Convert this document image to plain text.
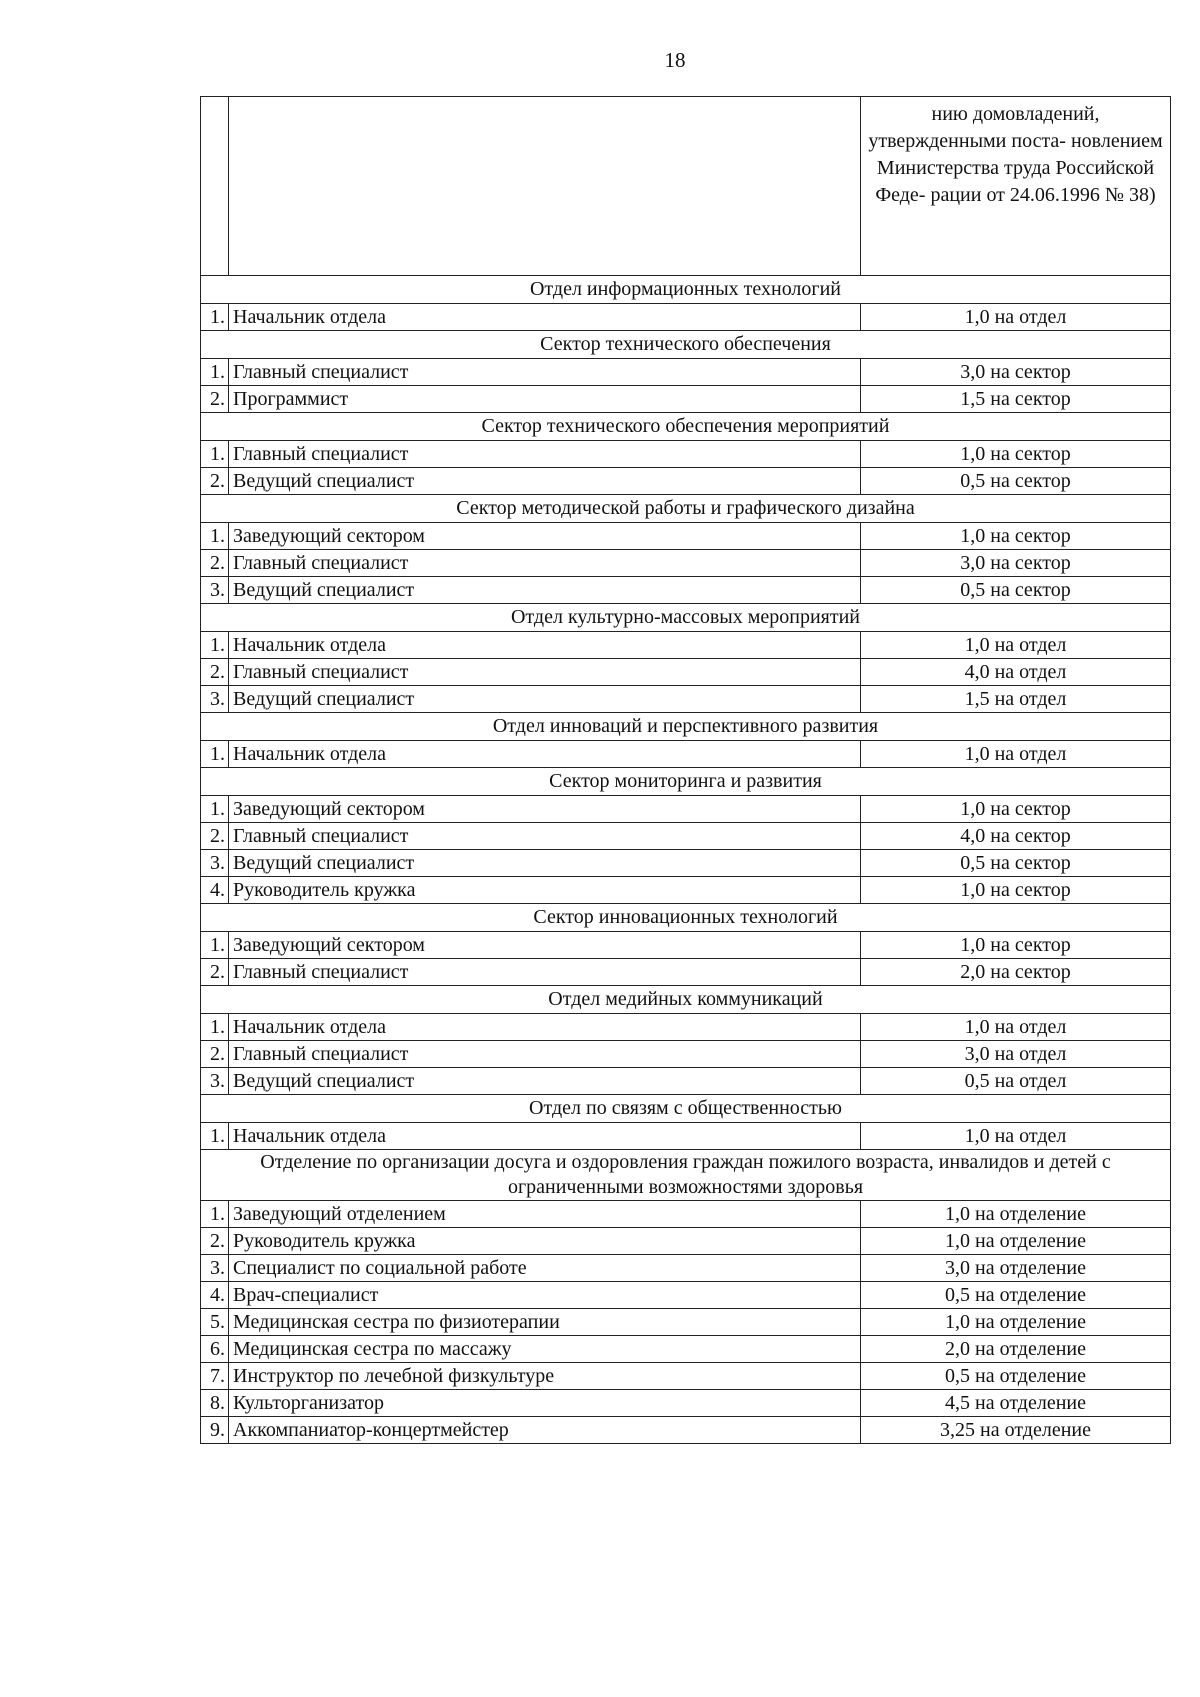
18
		нию домовладений, утвержденными поста- новлением Министерства труда Российской Феде- рации от 24.06.1996 № 38)
Отдел информационных технологий		
1.	Начальник отдела	1,0 на отдел
Сектор технического обеспечения		
1.	Главный специалист	3,0 на сектор
2.	Программист	1,5 на сектор
Сектор технического обеспечения мероприятий		
1.	Главный специалист	1,0 на сектор
2.	Ведущий специалист	0,5 на сектор
Сектор методической работы и графического дизайна		
1.	Заведующий сектором	1,0 на сектор
2.	Главный специалист	3,0 на сектор
3.	Ведущий специалист	0,5 на сектор
Отдел культурно-массовых мероприятий		
1.	Начальник отдела	1,0 на отдел
2.	Главный специалист	4,0 на отдел
3.	Ведущий специалист	1,5 на отдел
Отдел инноваций и перспективного развития		
1.	Начальник отдела	1,0 на отдел
Сектор мониторинга и развития		
1.	Заведующий сектором	1,0 на сектор
2.	Главный специалист	4,0 на сектор
3.	Ведущий специалист	0,5 на сектор
4.	Руководитель кружка	1,0 на сектор
Сектор инновационных технологий		
1.	Заведующий сектором	1,0 на сектор
2.	Главный специалист	2,0 на сектор
Отдел медийных коммуникаций		
1.	Начальник отдела	1,0 на отдел
2.	Главный специалист	3,0 на отдел
3.	Ведущий специалист	0,5 на отдел
Отдел по связям с общественностью		
1.	Начальник отдела	1,0 на отдел
Отделение по организации досуга и оздоровления граждан пожилого возраста, инвалидов и детей с ограниченными возможностями здоровья		
1.	Заведующий отделением	1,0 на отделение
2.	Руководитель кружка	1,0 на отделение
3.	Специалист по социальной работе	3,0 на отделение
4.	Врач-специалист	0,5 на отделение
5.	Медицинская сестра по физиотерапии	1,0 на отделение
6.	Медицинская сестра по массажу	2,0 на отделение
7.	Инструктор по лечебной физкультуре	0,5 на отделение
8.	Культорганизатор	4,5 на отделение
9.	Аккомпаниатор-концертмейстер	3,25 на отделение
